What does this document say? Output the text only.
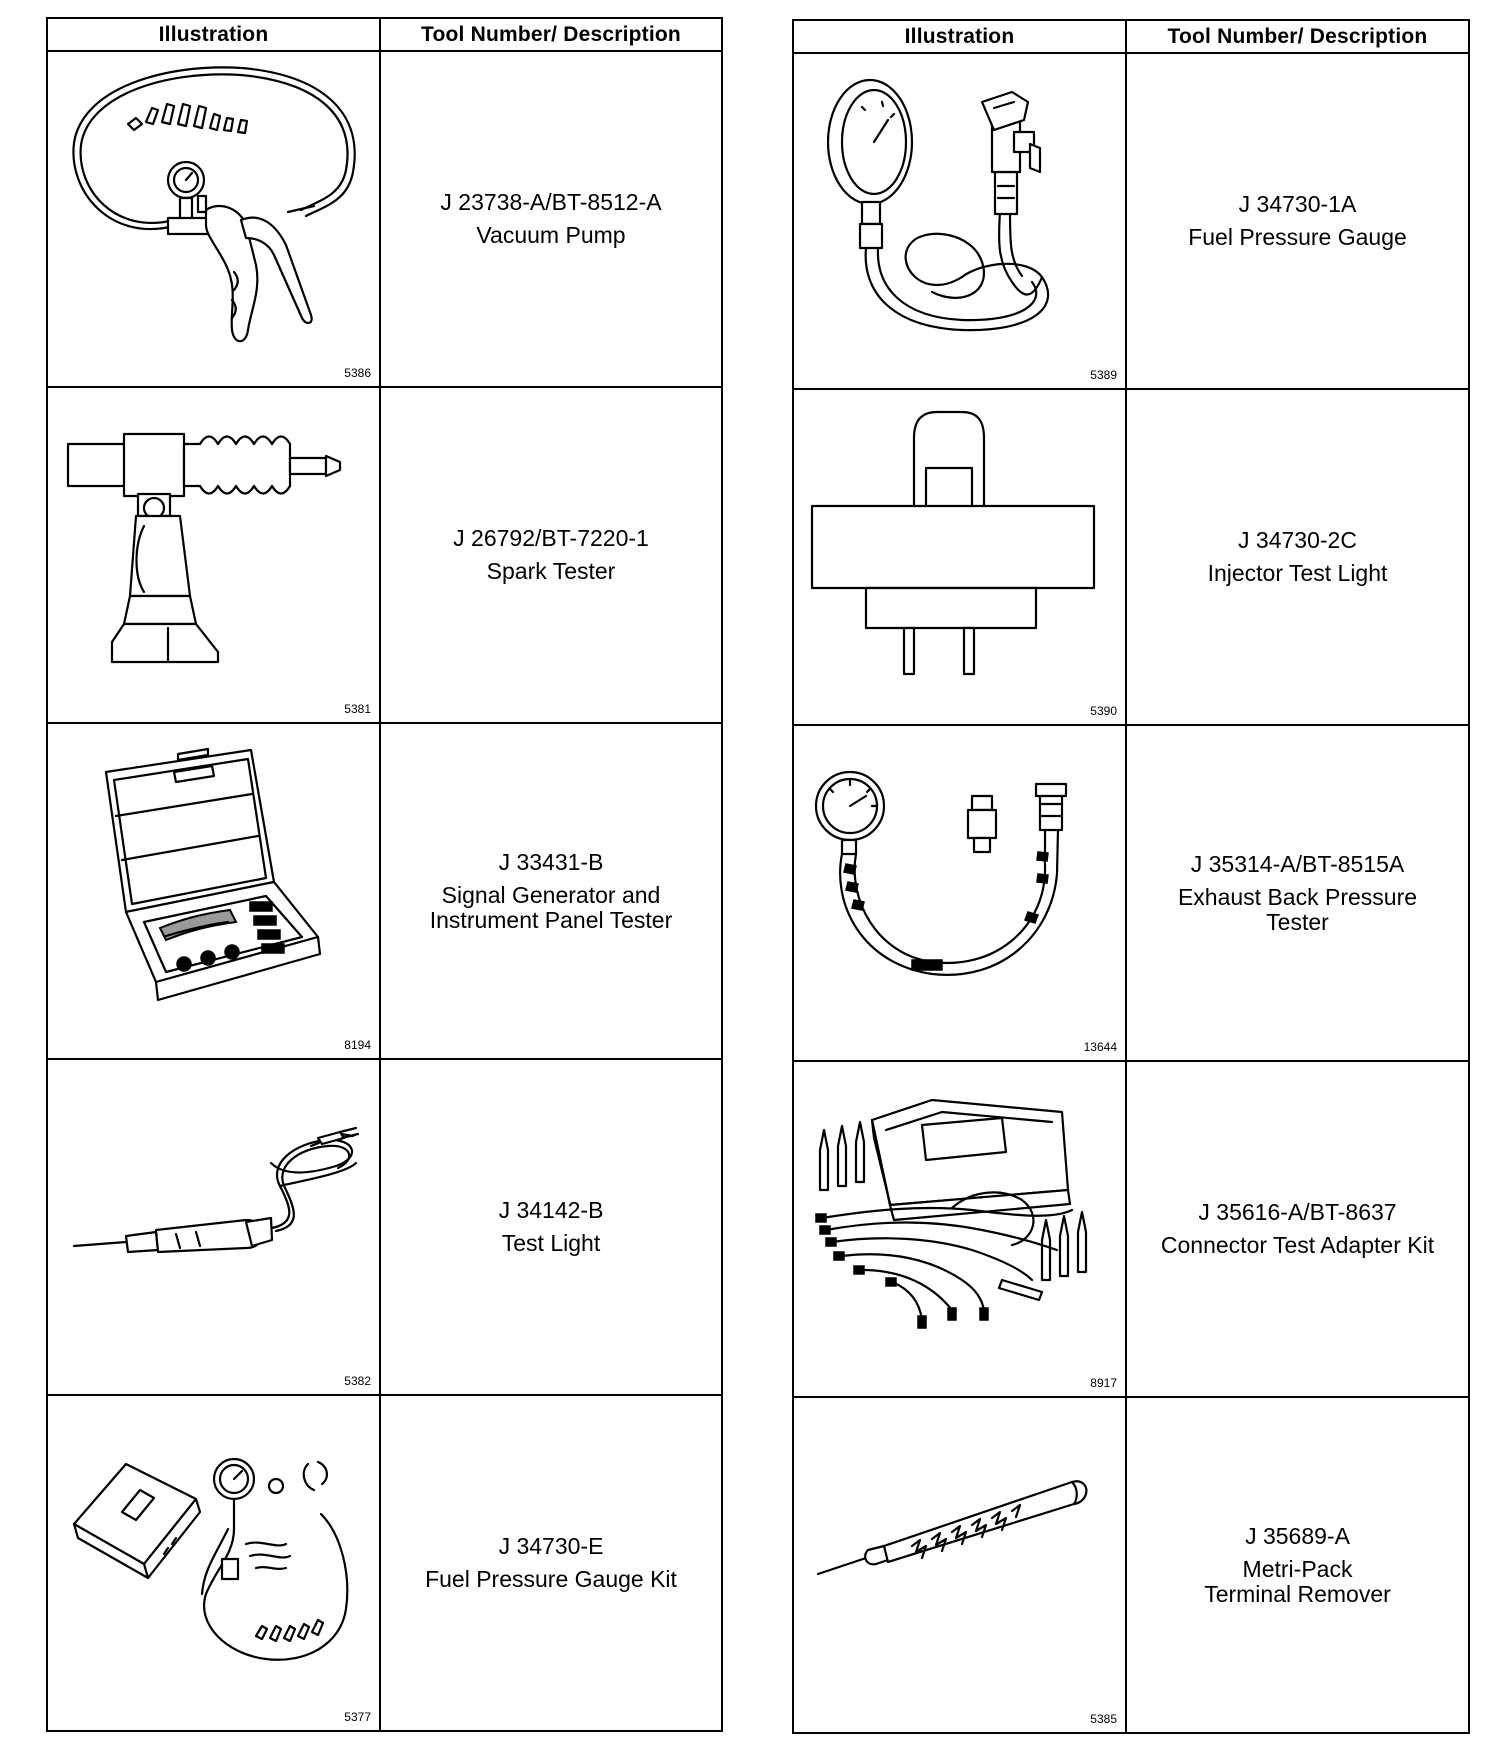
Illustration	Tool Number/ Description

5386	J 23738-A/BT-8512-A
Vacuum Pump

5381	J 26792/BT-7220-1
Spark Tester

8194	J 33431-B
Signal Generator and
Instrument Panel Tester

5382	J 34142-B
Test Light

5377	J 34730-E
Fuel Pressure Gauge Kit
Illustration	Tool Number/ Description

5389	J 34730-1A
Fuel Pressure Gauge

5390	J 34730-2C
Injector Test Light

13644	J 35314-A/BT-8515A
Exhaust Back Pressure
Tester

8917	J 35616-A/BT-8637
Connector Test Adapter Kit

5385	J 35689-A
Metri-Pack
Terminal Remover
